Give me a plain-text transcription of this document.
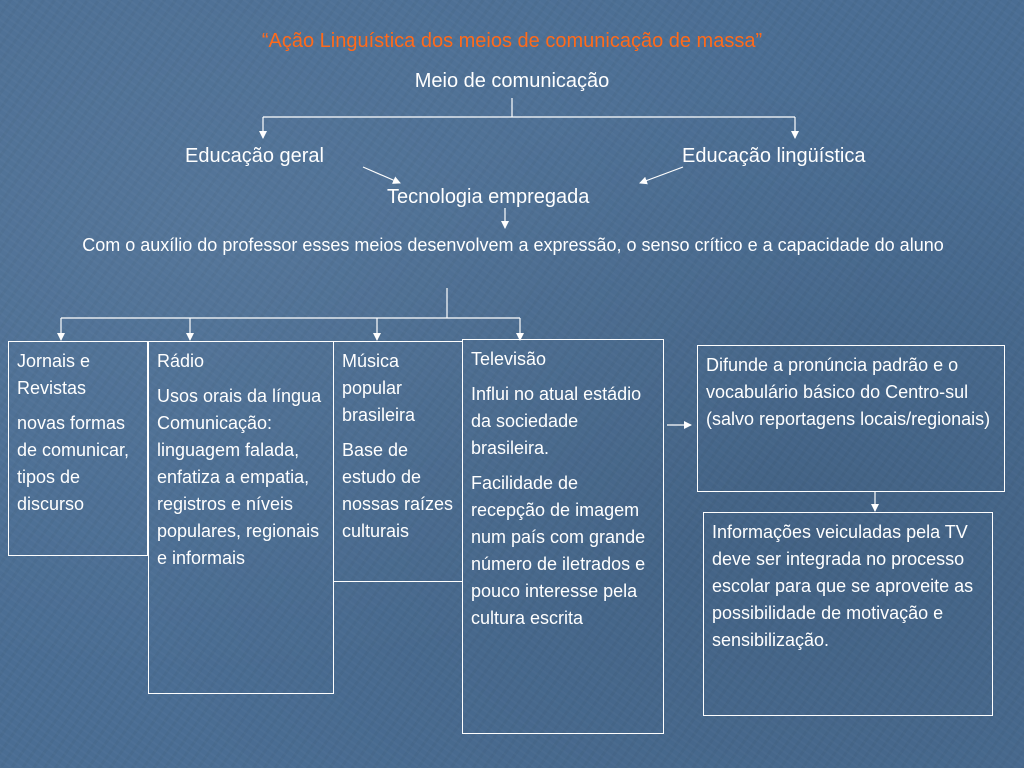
“Ação Linguística dos meios de comunicação de massa”
Meio de comunicação
Educação geral	Educação lingüística
Tecnologia empregada
Com o auxílio do professor esses meios desenvolvem a expressão, o senso crítico e a capacidade do aluno

Jornais e Revistas

novas formas de comunicar, tipos de discurso

Rádio

Usos orais da língua Comunicação: linguagem falada, enfatiza a empatia, registros e níveis populares, regionais e informais

Música popular brasileira

Base de estudo de nossas raízes culturais

Televisão

Influi no atual estádio da sociedade brasileira.

Facilidade de recepção de imagem num país com grande número de iletrados e pouco interesse pela cultura escrita

Difunde a pronúncia padrão e o vocabulário básico do Centro-sul (salvo reportagens locais/regionais)

Informações veiculadas pela TV deve ser integrada no processo escolar para que se aproveite as possibilidade de motivação e sensibilização.
